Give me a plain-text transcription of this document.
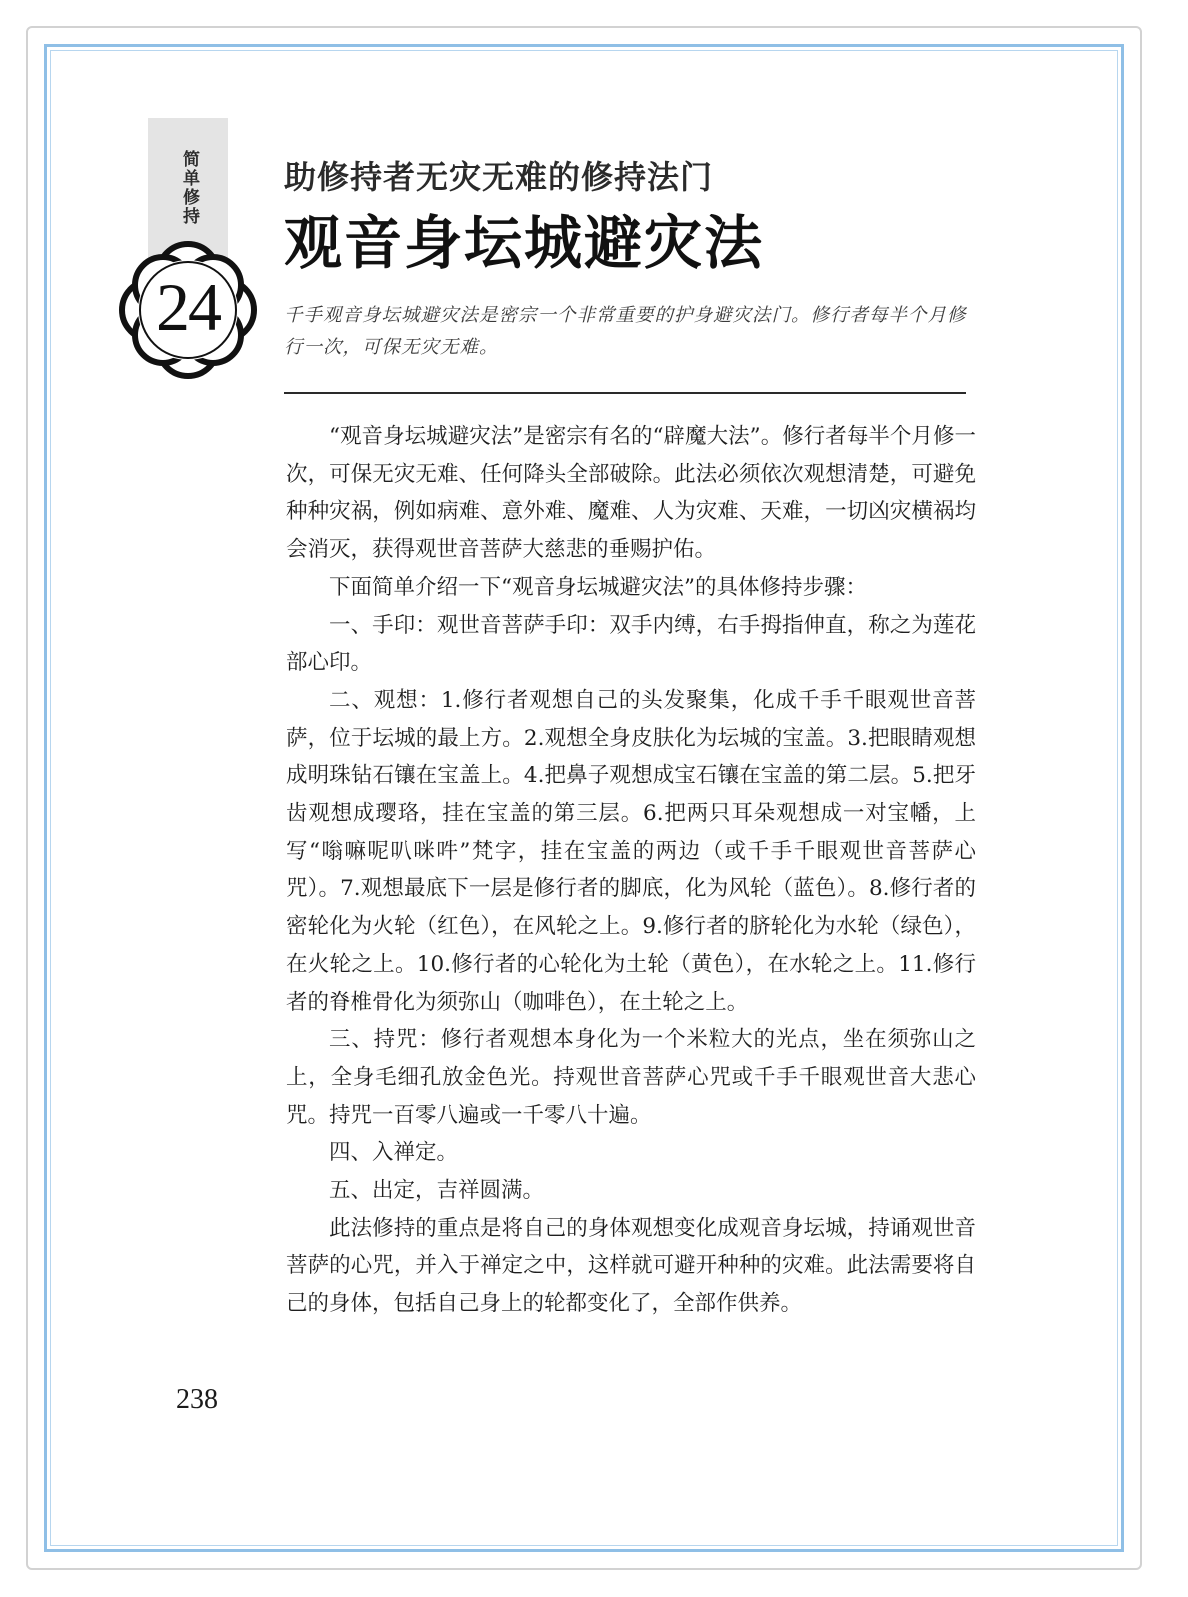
简单修持
24
助修持者无灾无难的修持法门
观音身坛城避灾法
千手观音身坛城避灾法是密宗一个非常重要的护身避灾法门。修行者每半个月修行一次，可保无灾无难。

“观音身坛城避灾法”是密宗有名的“辟魔大法”。修行者每半个月修一次，可保无灾无难、任何降头全部破除。此法必须依次观想清楚，可避免种种灾祸，例如病难、意外难、魔难、人为灾难、天难，一切凶灾横祸均会消灭，获得观世音菩萨大慈悲的垂赐护佑。

下面简单介绍一下“观音身坛城避灾法”的具体修持步骤：

一、手印：观世音菩萨手印：双手内缚，右手拇指伸直，称之为莲花部心印。

二、观想：1.修行者观想自己的头发聚集，化成千手千眼观世音菩萨，位于坛城的最上方。2.观想全身皮肤化为坛城的宝盖。3.把眼睛观想成明珠钻石镶在宝盖上。4.把鼻子观想成宝石镶在宝盖的第二层。5.把牙齿观想成璎珞，挂在宝盖的第三层。6.把两只耳朵观想成一对宝幡，上写“嗡嘛呢叭咪吽”梵字，挂在宝盖的两边（或千手千眼观世音菩萨心咒）。7.观想最底下一层是修行者的脚底，化为风轮（蓝色）。8.修行者的密轮化为火轮（红色），在风轮之上。9.修行者的脐轮化为水轮（绿色），在火轮之上。10.修行者的心轮化为土轮（黄色），在水轮之上。11.修行者的脊椎骨化为须弥山（咖啡色），在土轮之上。

三、持咒：修行者观想本身化为一个米粒大的光点，坐在须弥山之上，全身毛细孔放金色光。持观世音菩萨心咒或千手千眼观世音大悲心咒。持咒一百零八遍或一千零八十遍。

四、入禅定。

五、出定，吉祥圆满。

此法修持的重点是将自己的身体观想变化成观音身坛城，持诵观世音菩萨的心咒，并入于禅定之中，这样就可避开种种的灾难。此法需要将自己的身体，包括自己身上的轮都变化了，全部作供养。

238
